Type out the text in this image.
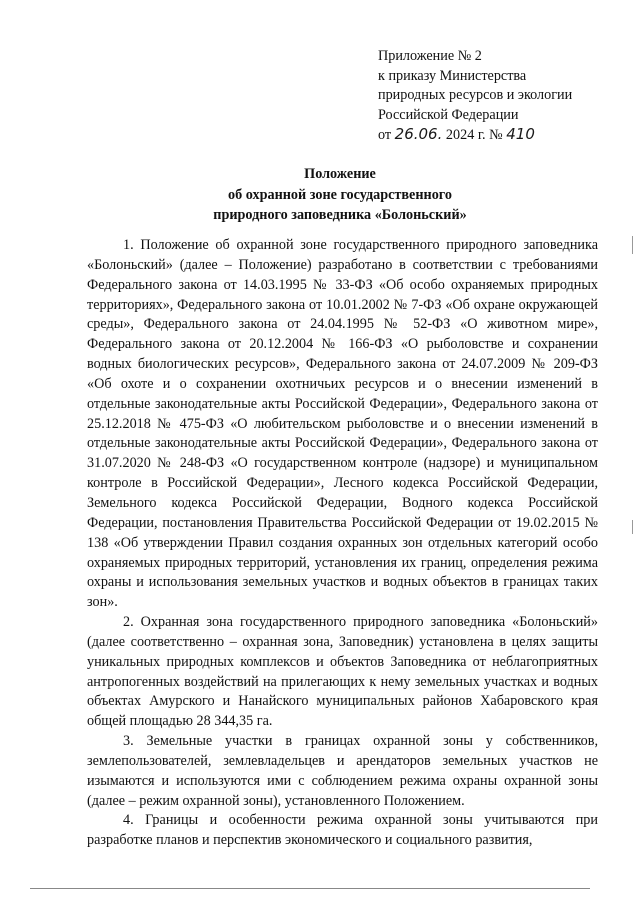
Приложение № 2
к приказу Министерства
природных ресурсов и экологии
Российской Федерации
от 26.06. 2024 г. № 410
Положение
об охранной зоне государственного
природного заповедника «Болоньский»

1. Положение об охранной зоне государственного природного заповедника «Болоньский» (далее – Положение) разработано в соответствии с требованиями Федерального закона от 14.03.1995 № 33-ФЗ «Об особо охраняемых природных территориях», Федерального закона от 10.01.2002 № 7-ФЗ «Об охране окружающей среды», Федерального закона от 24.04.1995 № 52-ФЗ «О животном мире», Федерального закона от 20.12.2004 № 166-ФЗ «О рыболовстве и сохранении водных биологических ресурсов», Федерального закона от 24.07.2009 № 209-ФЗ «Об охоте и о сохранении охотничьих ресурсов и о внесении изменений в отдельные законодательные акты Российской Федерации», Федерального закона от 25.12.2018 № 475-ФЗ «О любительском рыболовстве и о внесении изменений в отдельные законодательные акты Российской Федерации», Федерального закона от 31.07.2020 № 248-ФЗ «О государственном контроле (надзоре) и муниципальном контроле в Российской Федерации», Лесного кодекса Российской Федерации, Земельного кодекса Российской Федерации, Водного кодекса Российской Федерации, постановления Правительства Российской Федерации от 19.02.2015 № 138 «Об утверждении Правил создания охранных зон отдельных категорий особо охраняемых природных территорий, установления их границ, определения режима охраны и использования земельных участков и водных объектов в границах таких зон».

2. Охранная зона государственного природного заповедника «Болоньский» (далее соответственно – охранная зона, Заповедник) установлена в целях защиты уникальных природных комплексов и объектов Заповедника от неблагоприятных антропогенных воздействий на прилегающих к нему земельных участках и водных объектах Амурского и Нанайского муниципальных районов Хабаровского края общей площадью 28 344,35 га.

3. Земельные участки в границах охранной зоны у собственников, землепользователей, землевладельцев и арендаторов земельных участков не изымаются и используются ими с соблюдением режима охраны охранной зоны (далее – режим охранной зоны), установленного Положением.

4. Границы и особенности режима охранной зоны учитываются при разработке планов и перспектив экономического и социального развития,
